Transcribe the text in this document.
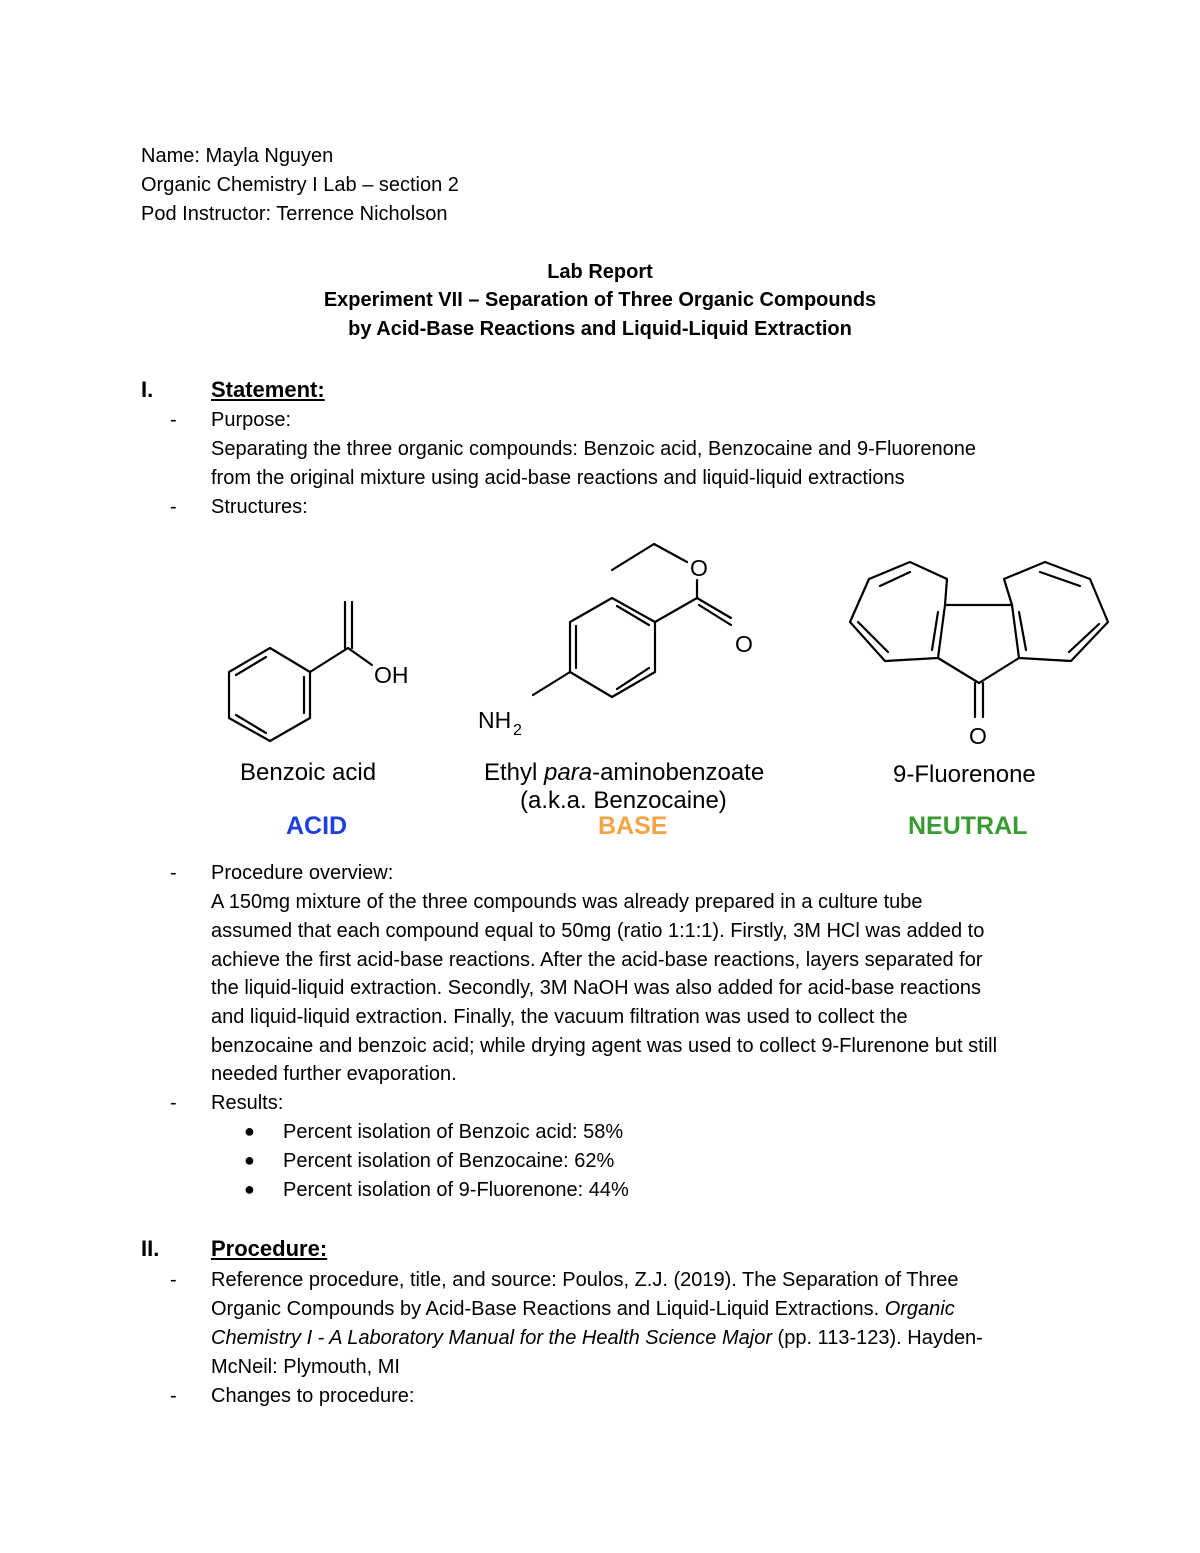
Name: Mayla Nguyen
Organic Chemistry I Lab – section 2
Pod Instructor: Terrence Nicholson
Lab Report
Experiment VII – Separation of Three Organic Compounds
by Acid-Base Reactions and Liquid-Liquid Extraction
I.	Statement:
- Purpose:
Separating the three organic compounds: Benzoic acid, Benzocaine and 9-Fluorenone
from the original mixture using acid-base reactions and liquid-liquid extractions
- Structures:
OH
O
O
NH 2	O
Benzoic acid	Ethyl para-aminobenzoate
(a.k.a. Benzocaine)
9-Fluorenone
ACID	BASE	NEUTRAL
- Procedure overview:
A 150mg mixture of the three compounds was already prepared in a culture tube
assumed that each compound equal to 50mg (ratio 1:1:1). Firstly, 3M HCl was added to
achieve the first acid-base reactions. After the acid-base reactions, layers separated for
the liquid-liquid extraction. Secondly, 3M NaOH was also added for acid-base reactions
and liquid-liquid extraction. Finally, the vacuum filtration was used to collect the
benzocaine and benzoic acid; while drying agent was used to collect 9-Flurenone but still
needed further evaporation.
- Results:
● Percent isolation of Benzoic acid: 58%
● Percent isolation of Benzocaine: 62%
● Percent isolation of 9-Fluorenone: 44%
II. Procedure:
- Reference procedure, title, and source: Poulos, Z.J. (2019). The Separation of Three
Organic Compounds by Acid-Base Reactions and Liquid-Liquid Extractions. Organic
Chemistry I - A Laboratory Manual for the Health Science Major (pp. 113-123). Hayden-
McNeil: Plymouth, MI
- Changes to procedure:
